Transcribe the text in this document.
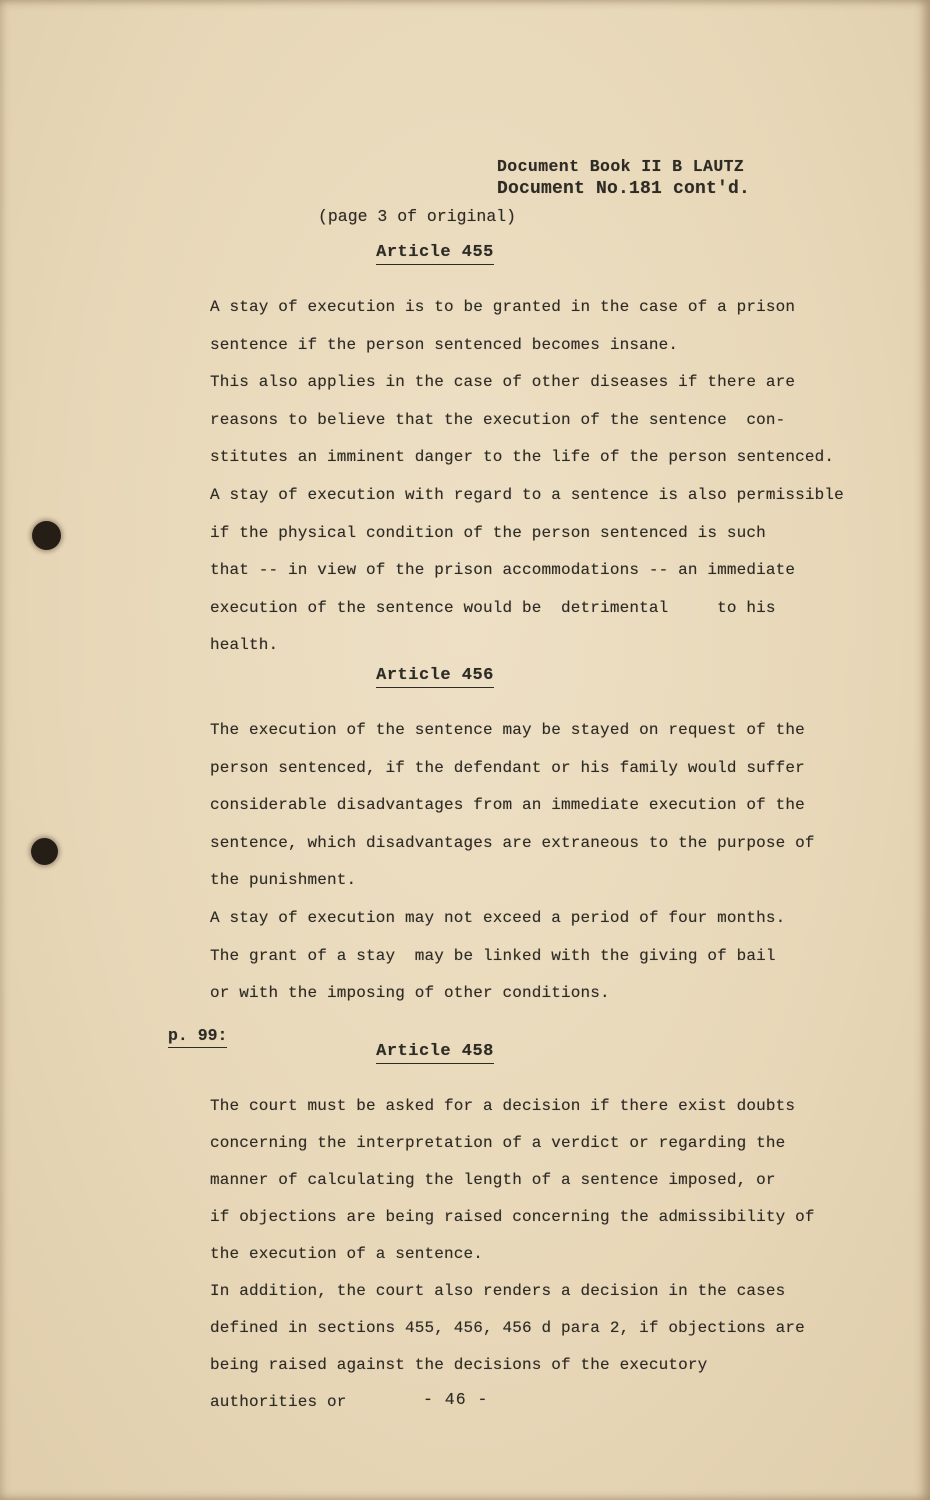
Document Book II B LAUTZ
Document No.181 cont'd.
(page 3 of original)
Article 455
A stay of execution is to be granted in the case of a prison
sentence if the person sentenced becomes insane.
This also applies in the case of other diseases if there are
reasons to believe that the execution of the sentence  con-
stitutes an imminent danger to the life of the person sentenced.
A stay of execution with regard to a sentence is also permissible
if the physical condition of the person sentenced is such
that -- in view of the prison accommodations -- an immediate
execution of the sentence would be  detrimental     to his
health.
Article 456
The execution of the sentence may be stayed on request of the
person sentenced, if the defendant or his family would suffer
considerable disadvantages from an immediate execution of the
sentence, which disadvantages are extraneous to the purpose of
the punishment.
A stay of execution may not exceed a period of four months.
The grant of a stay  may be linked with the giving of bail
or with the imposing of other conditions.
p. 99:
Article 458
The court must be asked for a decision if there exist doubts
concerning the interpretation of a verdict or regarding the
manner of calculating the length of a sentence imposed, or
if objections are being raised concerning the admissibility of
the execution of a sentence.
In addition, the court also renders a decision in the cases
defined in sections 455, 456, 456 d para 2, if objections are
being raised against the decisions of the executory
authorities or	- 46 -
